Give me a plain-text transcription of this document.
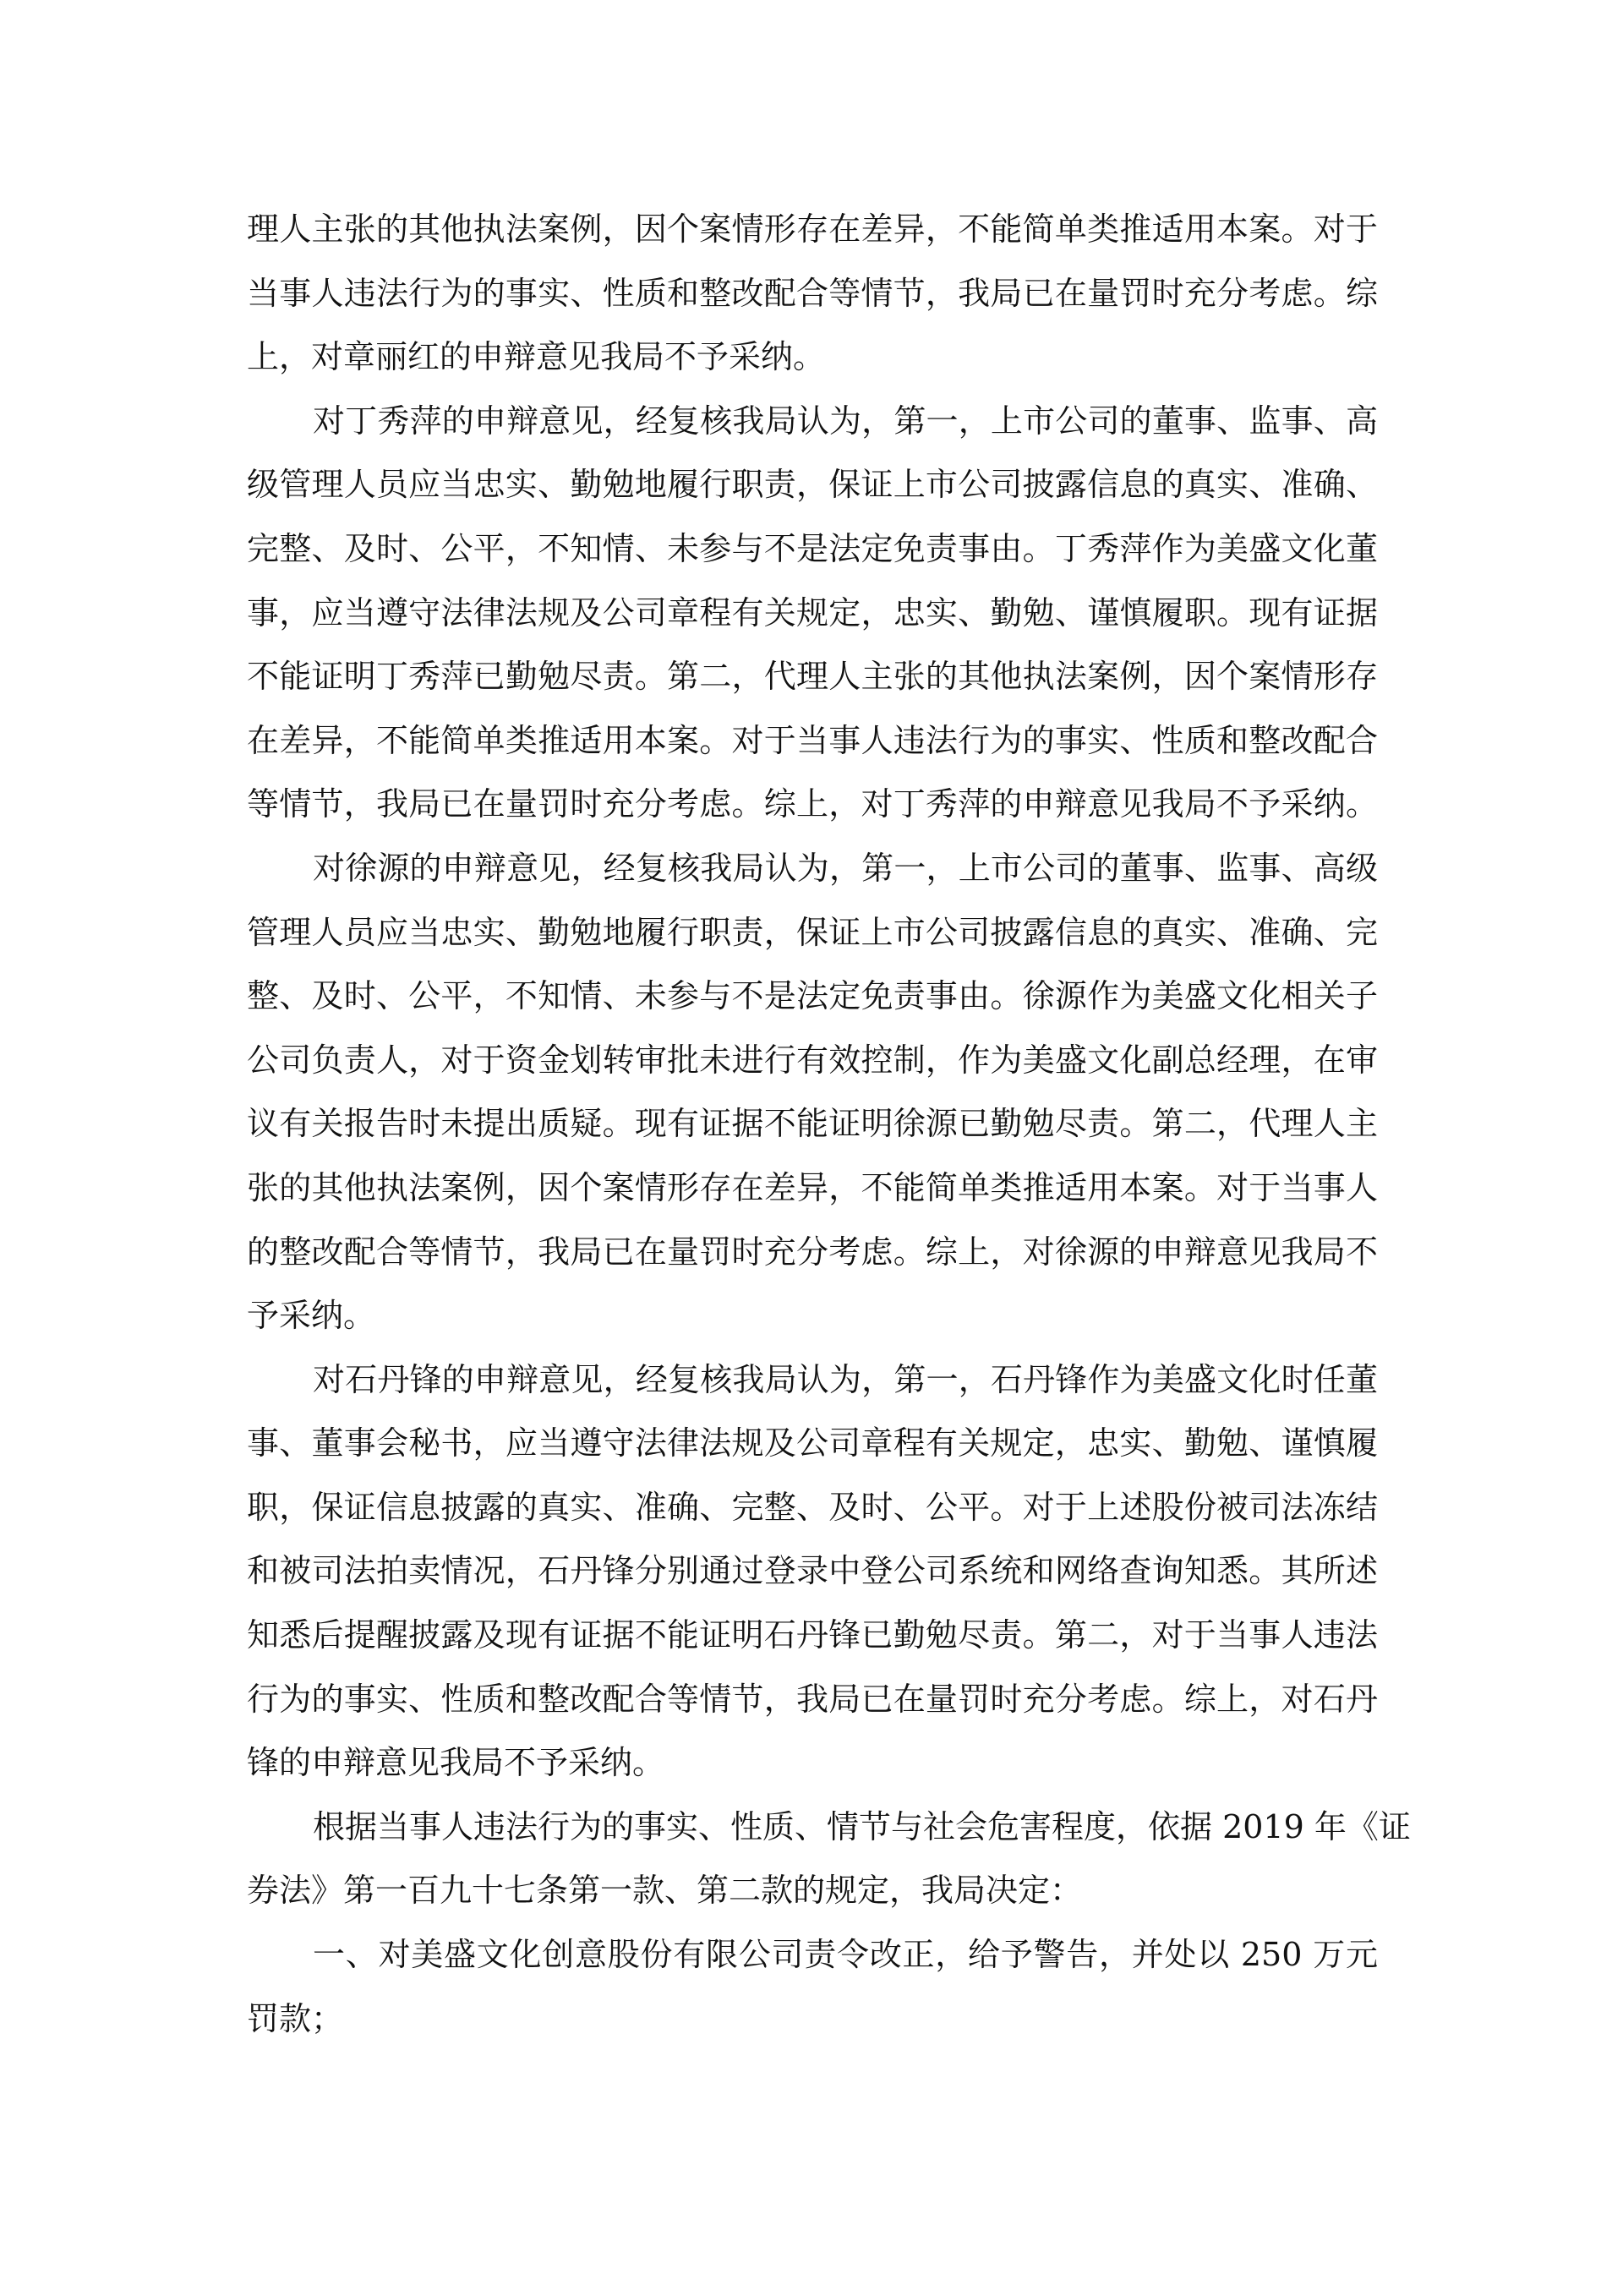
理人主张的其他执法案例，因个案情形存在差异，不能简单类推适用本案。对于
当事人违法行为的事实、性质和整改配合等情节，我局已在量罚时充分考虑。综
上，对章丽红的申辩意见我局不予采纳。
对丁秀萍的申辩意见，经复核我局认为，第一，上市公司的董事、监事、高
级管理人员应当忠实、勤勉地履行职责，保证上市公司披露信息的真实、准确、
完整、及时、公平，不知情、未参与不是法定免责事由。丁秀萍作为美盛文化董
事，应当遵守法律法规及公司章程有关规定，忠实、勤勉、谨慎履职。现有证据
不能证明丁秀萍已勤勉尽责。第二，代理人主张的其他执法案例，因个案情形存
在差异，不能简单类推适用本案。对于当事人违法行为的事实、性质和整改配合
等情节，我局已在量罚时充分考虑。综上，对丁秀萍的申辩意见我局不予采纳。
对徐源的申辩意见，经复核我局认为，第一，上市公司的董事、监事、高级
管理人员应当忠实、勤勉地履行职责，保证上市公司披露信息的真实、准确、完
整、及时、公平，不知情、未参与不是法定免责事由。徐源作为美盛文化相关子
公司负责人，对于资金划转审批未进行有效控制，作为美盛文化副总经理，在审
议有关报告时未提出质疑。现有证据不能证明徐源已勤勉尽责。第二，代理人主
张的其他执法案例，因个案情形存在差异，不能简单类推适用本案。对于当事人
的整改配合等情节，我局已在量罚时充分考虑。综上，对徐源的申辩意见我局不
予采纳。
对石丹锋的申辩意见，经复核我局认为，第一，石丹锋作为美盛文化时任董
事、董事会秘书，应当遵守法律法规及公司章程有关规定，忠实、勤勉、谨慎履
职，保证信息披露的真实、准确、完整、及时、公平。对于上述股份被司法冻结
和被司法拍卖情况，石丹锋分别通过登录中登公司系统和网络查询知悉。其所述
知悉后提醒披露及现有证据不能证明石丹锋已勤勉尽责。第二，对于当事人违法
行为的事实、性质和整改配合等情节，我局已在量罚时充分考虑。综上，对石丹
锋的申辩意见我局不予采纳。
根据当事人违法行为的事实、性质、情节与社会危害程度，依据 2019 年《证
券法》第一百九十七条第一款、第二款的规定，我局决定：
一、对美盛文化创意股份有限公司责令改正，给予警告，并处以 250 万元
罚款；
